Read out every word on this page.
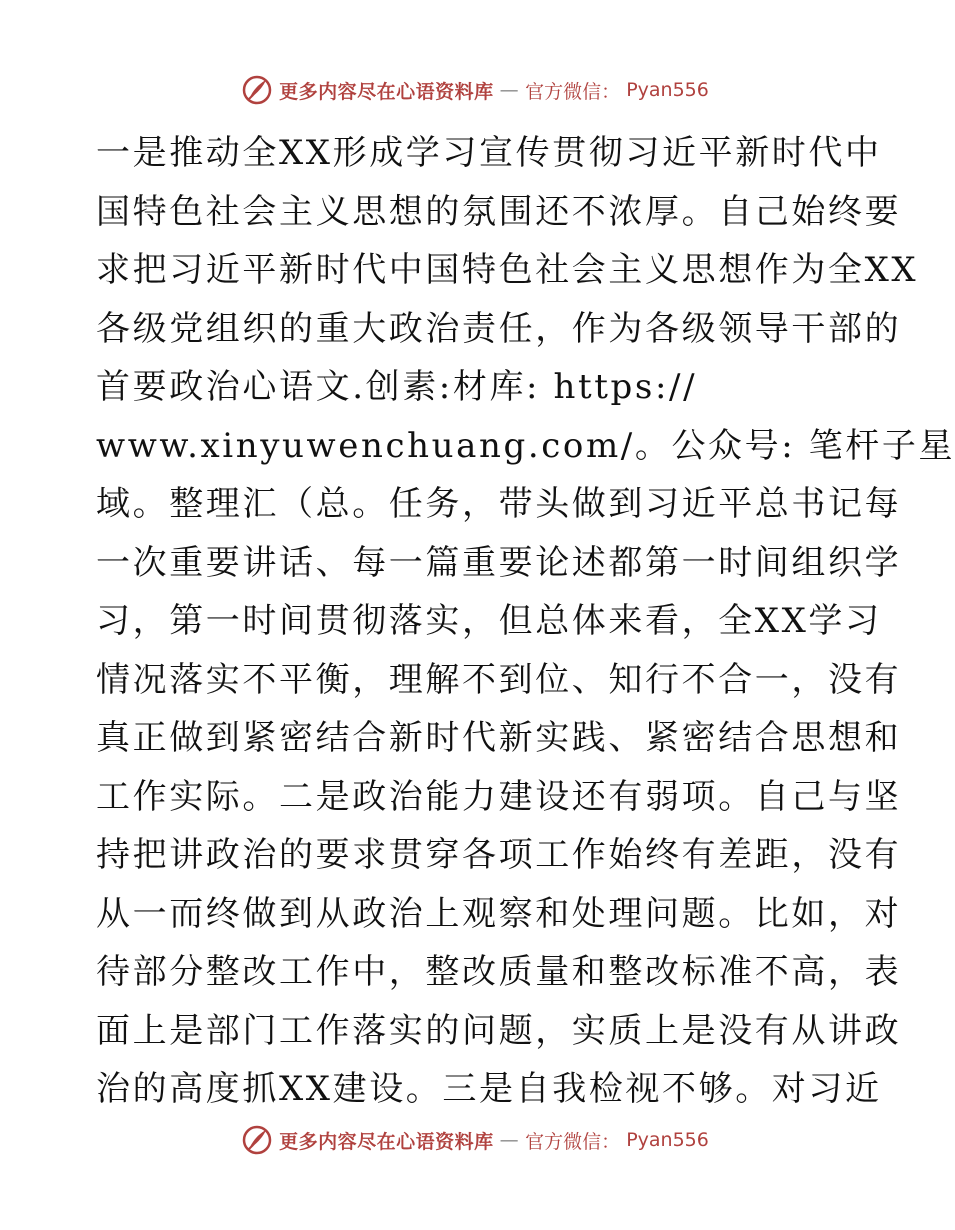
更多内容尽在心语资料库 — 官方微信： Pyan556
一是推动全XX形成学习宣传贯彻习近平新时代中
国特色社会主义思想的氛围还不浓厚。自己始终要
求把习近平新时代中国特色社会主义思想作为全XX
各级党组织的重大政治责任，作为各级领导干部的
首要政治心语文.创素:材库: https://
www.xinyuwenchuang.com/。公众号: 笔杆子星
域。整理汇（总。任务，带头做到习近平总书记每
一次重要讲话、每一篇重要论述都第一时间组织学
习，第一时间贯彻落实，但总体来看，全XX学习
情况落实不平衡，理解不到位、知行不合一，没有
真正做到紧密结合新时代新实践、紧密结合思想和
工作实际。二是政治能力建设还有弱项。自己与坚
持把讲政治的要求贯穿各项工作始终有差距，没有
从一而终做到从政治上观察和处理问题。比如，对
待部分整改工作中，整改质量和整改标准不高，表
面上是部门工作落实的问题，实质上是没有从讲政
治的高度抓XX建设。三是自我检视不够。对习近
更多内容尽在心语资料库 — 官方微信： Pyan556
